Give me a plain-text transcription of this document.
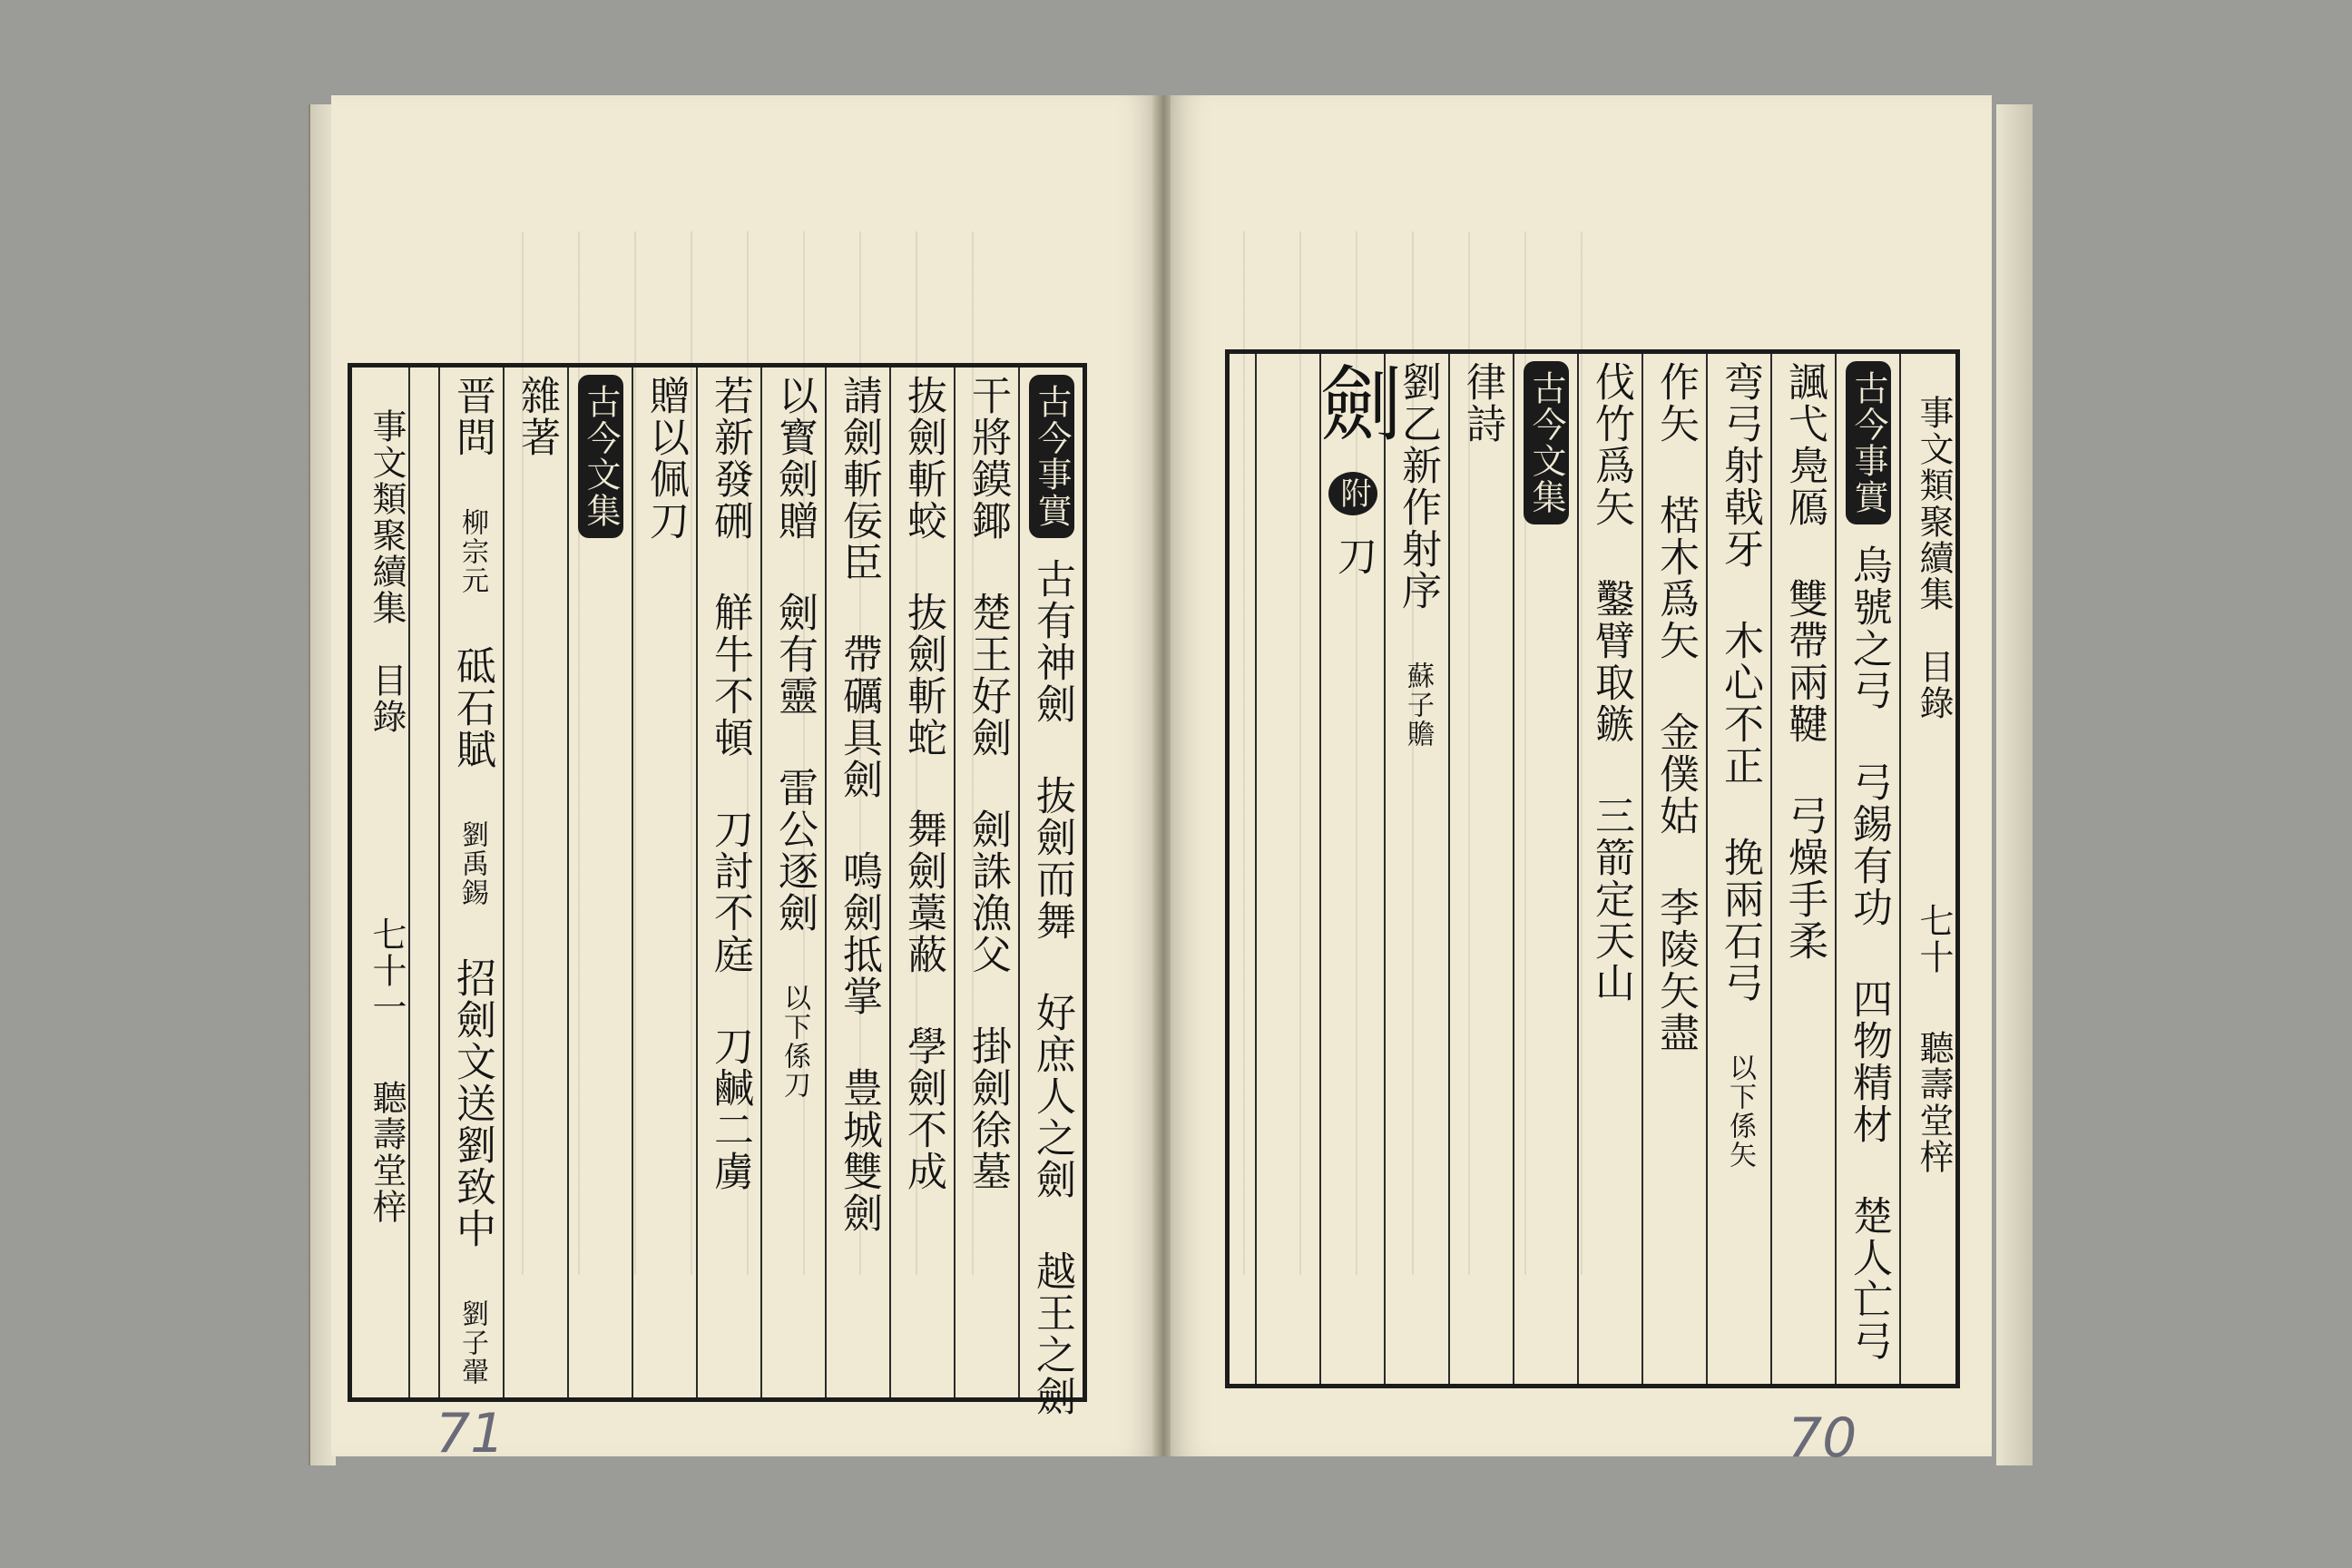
事文類聚續集目錄七十一聽壽堂梓
古今事實古有神劍抜劍而舞好庶人之劍越王之劍
干將鏌鎁楚王好劍劍誅漁父掛劍徐墓
抜劍斬蛟抜劍斬蛇舞劍藁蔽學劍不成
請劍斬佞臣帶礪具劍鳴劍抵掌豊城雙劍
以寳劍贈劍有靈雷公逐劍以下係刀
若新發硎觧牛不頓刀討不庭刀鹹二虜
贈以佩刀
古今文集
雜著
晋問柳宗元砥石賦劉禹錫招劍文送劉致中劉子翬
71
事文類聚續集目錄七十聽壽堂梓
古今事實烏號之弓弓錫有功四物精材楚人亡弓
諷弋鳧鴈雙帶兩鞬弓燥手柔
弯弓射戟牙木心不正挽兩石弓以下係矢
作矢楛木爲矢金僕姑李陵矢盡
伐竹爲矢鑿臂取鏃三箭定天山
古今文集
律詩
劉乙新作射序蘇子贍
劍附刀
70
